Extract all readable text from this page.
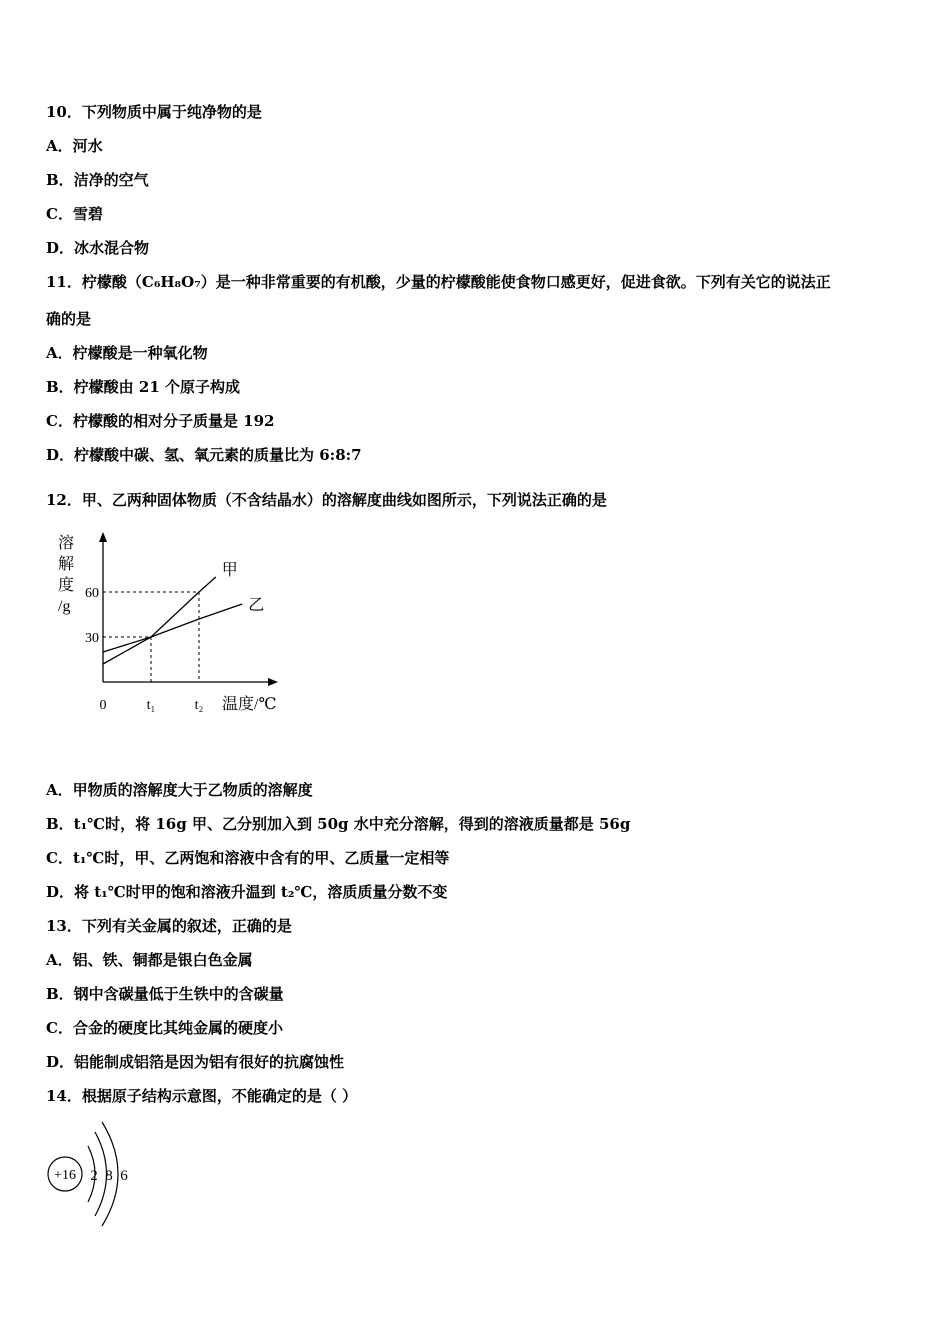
10．下列物质中属于纯净物的是
A．河水
B．洁净的空气
C．雪碧
D．冰水混合物
11．柠檬酸（C₆H₈O₇）是一种非常重要的有机酸，少量的柠檬酸能使食物口感更好，促进食欲。下列有关它的说法正
确的是
A．柠檬酸是一种氧化物
B．柠檬酸由 21 个原子构成
C．柠檬酸的相对分子质量是 192
D．柠檬酸中碳、氢、氧元素的质量比为 6:8:7
12．甲、乙两种固体物质（不含结晶水）的溶解度曲线如图所示，下列说法正确的是
甲
乙
溶
解
度
/g
60
30
0	t₁	t₂ 温度/℃
A．甲物质的溶解度大于乙物质的溶解度
B．t₁℃时，将 16g 甲、乙分别加入到 50g 水中充分溶解，得到的溶液质量都是 56g
C．t₁℃时，甲、乙两饱和溶液中含有的甲、乙质量一定相等
D．将 t₁℃时甲的饱和溶液升温到 t₂℃，溶质质量分数不变
13．下列有关金属的叙述，正确的是
A．铝、铁、铜都是银白色金属
B．钢中含碳量低于生铁中的含碳量
C．合金的硬度比其纯金属的硬度小
D．铝能制成铝箔是因为铝有很好的抗腐蚀性
14．根据原子结构示意图，不能确定的是（ ）
+16 2 8 6
